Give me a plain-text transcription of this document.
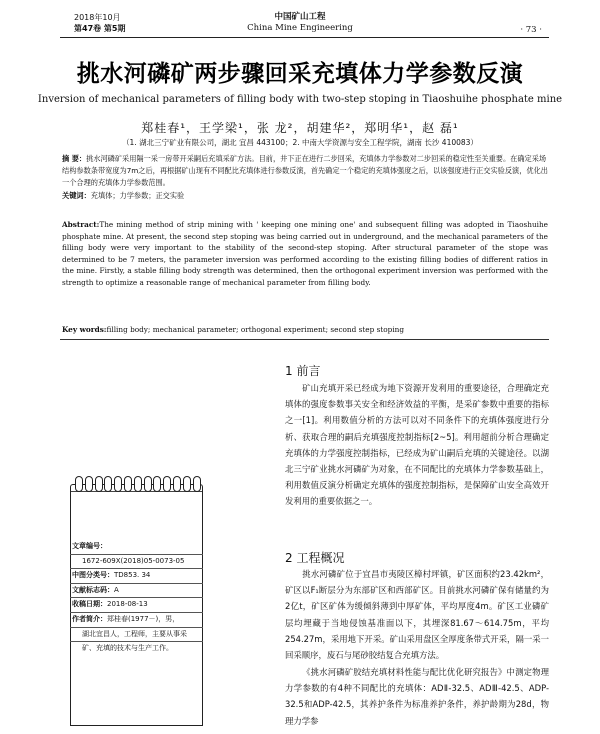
2018年10月
第47卷 第5期
中国矿山工程
China Mine Engineering	· 73 ·
挑水河磷矿两步骤回采充填体力学参数反演
Inversion of mechanical parameters of filling body with two-step stoping in Tiaoshuihe phosphate mine
郑桂春¹，王学梁¹，张 龙²，胡建华²，郑明华¹，赵 磊¹
（1. 湖北三宁矿业有限公司，湖北 宜昌 443100；2. 中南大学资源与安全工程学院，湖南 长沙 410083）
摘 要：挑水河磷矿采用隔一采一房带开采嗣后充填采矿方法。目前，井下正在进行二步回采，充填体力学参数对二步回采的稳定性至关重要。在确定采场结构参数条带宽度为7m之后，再根据矿山现有不同配比充填体进行参数反演，首先确定一个稳定的充填体强度之后，以该强度进行正交实验反演，优化出一个合理的充填体力学参数范围。
关键词：充填体；力学参数；正交实验
Abstract:The mining method of strip mining with ' keeping one mining one' and subsequent filling was adopted in Tiaoshuihe phosphate mine. At present, the second step stoping was being carried out in underground, and the mechanical parameters of the filling body were very important to the stability of the second-step stoping. After structural parameter of the stope was determined to be 7 meters, the parameter inversion was performed according to the existing filling bodies of different ratios in the mine. Firstly, a stable filling body strength was determined, then the orthogonal experiment inversion was performed with the strength to optimize a reasonable range of mechanical parameter from filling body.
Key words:filling body; mechanical parameter; orthogonal experiment; second step stoping
1 前言
矿山充填开采已经成为地下资源开发利用的重要途径，合理确定充填体的强度参数事关安全和经济效益的平衡，是采矿参数中重要的指标之一[1]。利用数值分析的方法可以对不同条件下的充填体强度进行分析、获取合理的嗣后充填强度控制指标[2~5]。利用超前分析合理确定充填体的力学强度控制指标，已经成为矿山嗣后充填的关键途径。以湖北三宁矿业挑水河磷矿为对象，在不同配比的充填体力学参数基础上，利用数值反演分析确定充填体的强度控制指标，是保障矿山安全高效开发利用的重要依据之一。
2 工程概况
挑水河磷矿位于宜昌市夷陵区樟村坪镇，矿区面积约23.42km²，矿区以F₁断层分为东部矿区和西部矿区。目前挑水河磷矿保有储量约为2亿t，矿区矿体为缓倾斜薄到中厚矿体，平均厚度4m。矿区工业磷矿层均埋藏于当地侵蚀基准面以下，其埋深81.67～614.75m，平均254.27m，采用地下开采。矿山采用盘区全厚度条带式开采，隔一采一回采顺序，废石与尾砂胶结复合充填方法。
《挑水河磷矿胶结充填材料性能与配比优化研究报告》中测定物理力学参数的有4种不同配比的充填体：ADⅡ-32.5、ADⅢ-42.5、ADP-32.5和ADP-42.5，其养护条件为标准养护条件，养护龄期为28d，物理力学参
文章编号：
1672-609X(2018)05-0073-05
中图分类号：TD853. 34
文献标志码：A
收稿日期：2018-08-13
作者简介：郑桂春(1977－)，男，
湖北宜昌人，工程师，主要从事采
矿、充填的技术与生产工作。
